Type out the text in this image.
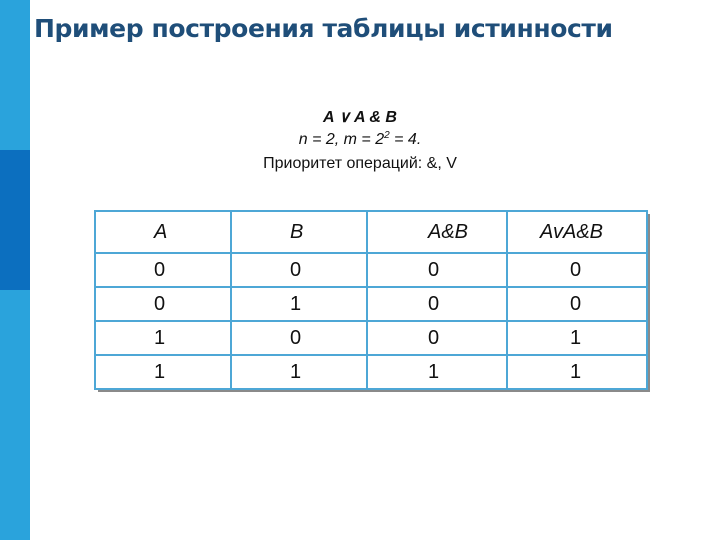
Пример построения таблицы истинности
A ∨ A & B
n = 2, $m = 2^2 = 4$.
Приоритет операций: &, V
A	B	A&B	AvA&B
0	0	0	0
0	1	0	0
1	0	0	1
1	1	1	1
